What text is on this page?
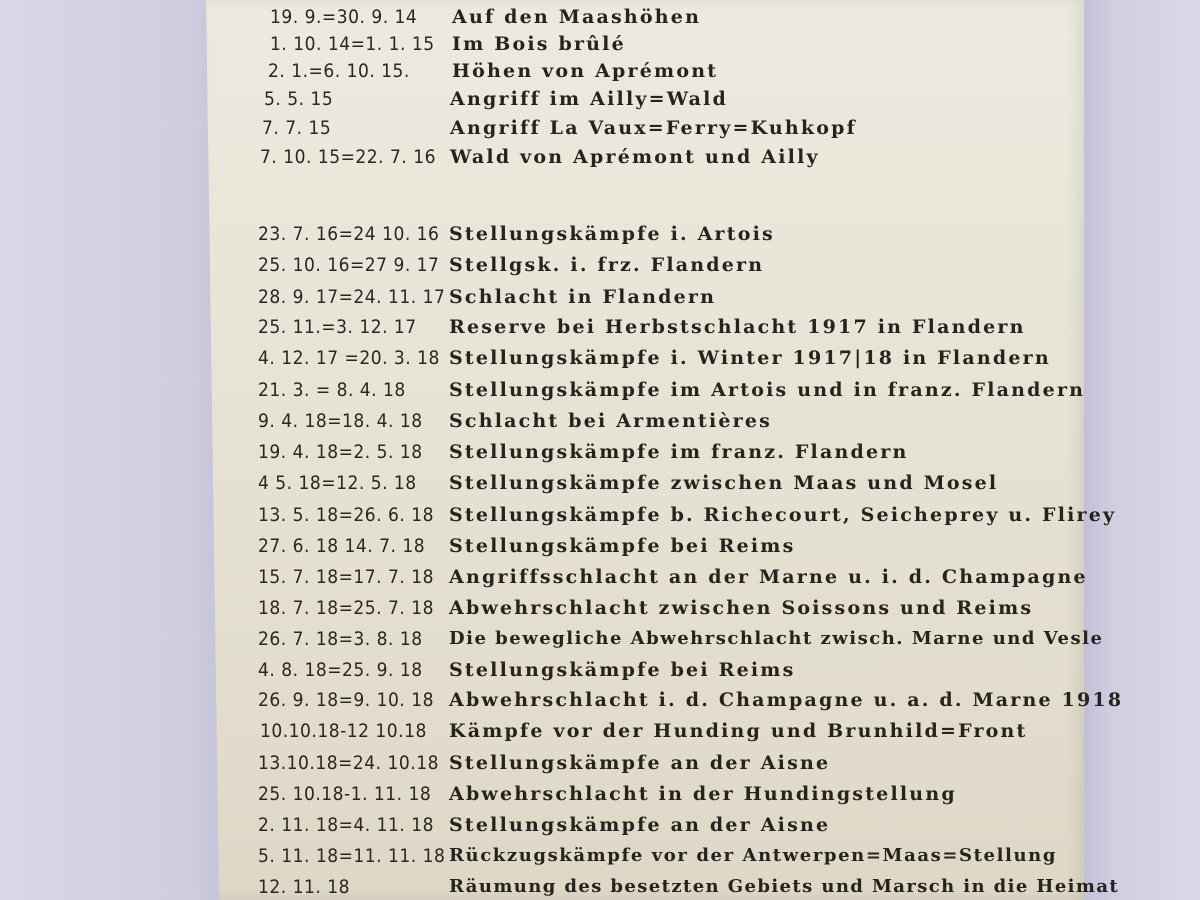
19. 9.=30. 9. 14 Auf den Maashöhen
1. 10. 14=1. 1. 15 Im Bois brûlé
2. 1.=6. 10. 15. Höhen von Aprémont
5. 5. 15	Angriff im Ailly=Wald
7. 7. 15	Angriff La Vaux=Ferry=Kuhkopf
7. 10. 15=22. 7. 16 Wald von Aprémont und Ailly
23. 7. 16=24 10. 16 Stellungskämpfe i. Artois
25. 10. 16=27 9. 17 Stellgsk. i. frz. Flandern
28. 9. 17=24. 11. 17 Schlacht in Flandern
25. 11.=3. 12. 17 Reserve bei Herbstschlacht 1917 in Flandern
4. 12. 17 =20. 3. 18 Stellungskämpfe i. Winter 1917|18 in Flandern
21. 3. = 8. 4. 18 Stellungskämpfe im Artois und in franz. Flandern
9. 4. 18=18. 4. 18 Schlacht bei Armentières
19. 4. 18=2. 5. 18 Stellungskämpfe im franz. Flandern
4 5. 18=12. 5. 18 Stellungskämpfe zwischen Maas und Mosel
13. 5. 18=26. 6. 18 Stellungskämpfe b. Richecourt, Seicheprey u. Flirey
27. 6. 18 14. 7. 18 Stellungskämpfe bei Reims
15. 7. 18=17. 7. 18 Angriffsschlacht an der Marne u. i. d. Champagne
18. 7. 18=25. 7. 18 Abwehrschlacht zwischen Soissons und Reims
26. 7. 18=3. 8. 18 Die bewegliche Abwehrschlacht zwisch. Marne und Vesle
4. 8. 18=25. 9. 18 Stellungskämpfe bei Reims
26. 9. 18=9. 10. 18 Abwehrschlacht i. d. Champagne u. a. d. Marne 1918
10.10.18-12 10.18 Kämpfe vor der Hunding und Brunhild=Front
13.10.18=24. 10.18 Stellungskämpfe an der Aisne
25. 10.18-1. 11. 18 Abwehrschlacht in der Hundingstellung
2. 11. 18=4. 11. 18 Stellungskämpfe an der Aisne
5. 11. 18=11. 11. 18 Rückzugskämpfe vor der Antwerpen=Maas=Stellung
12. 11. 18	Räumung des besetzten Gebiets und Marsch in die Heimat
